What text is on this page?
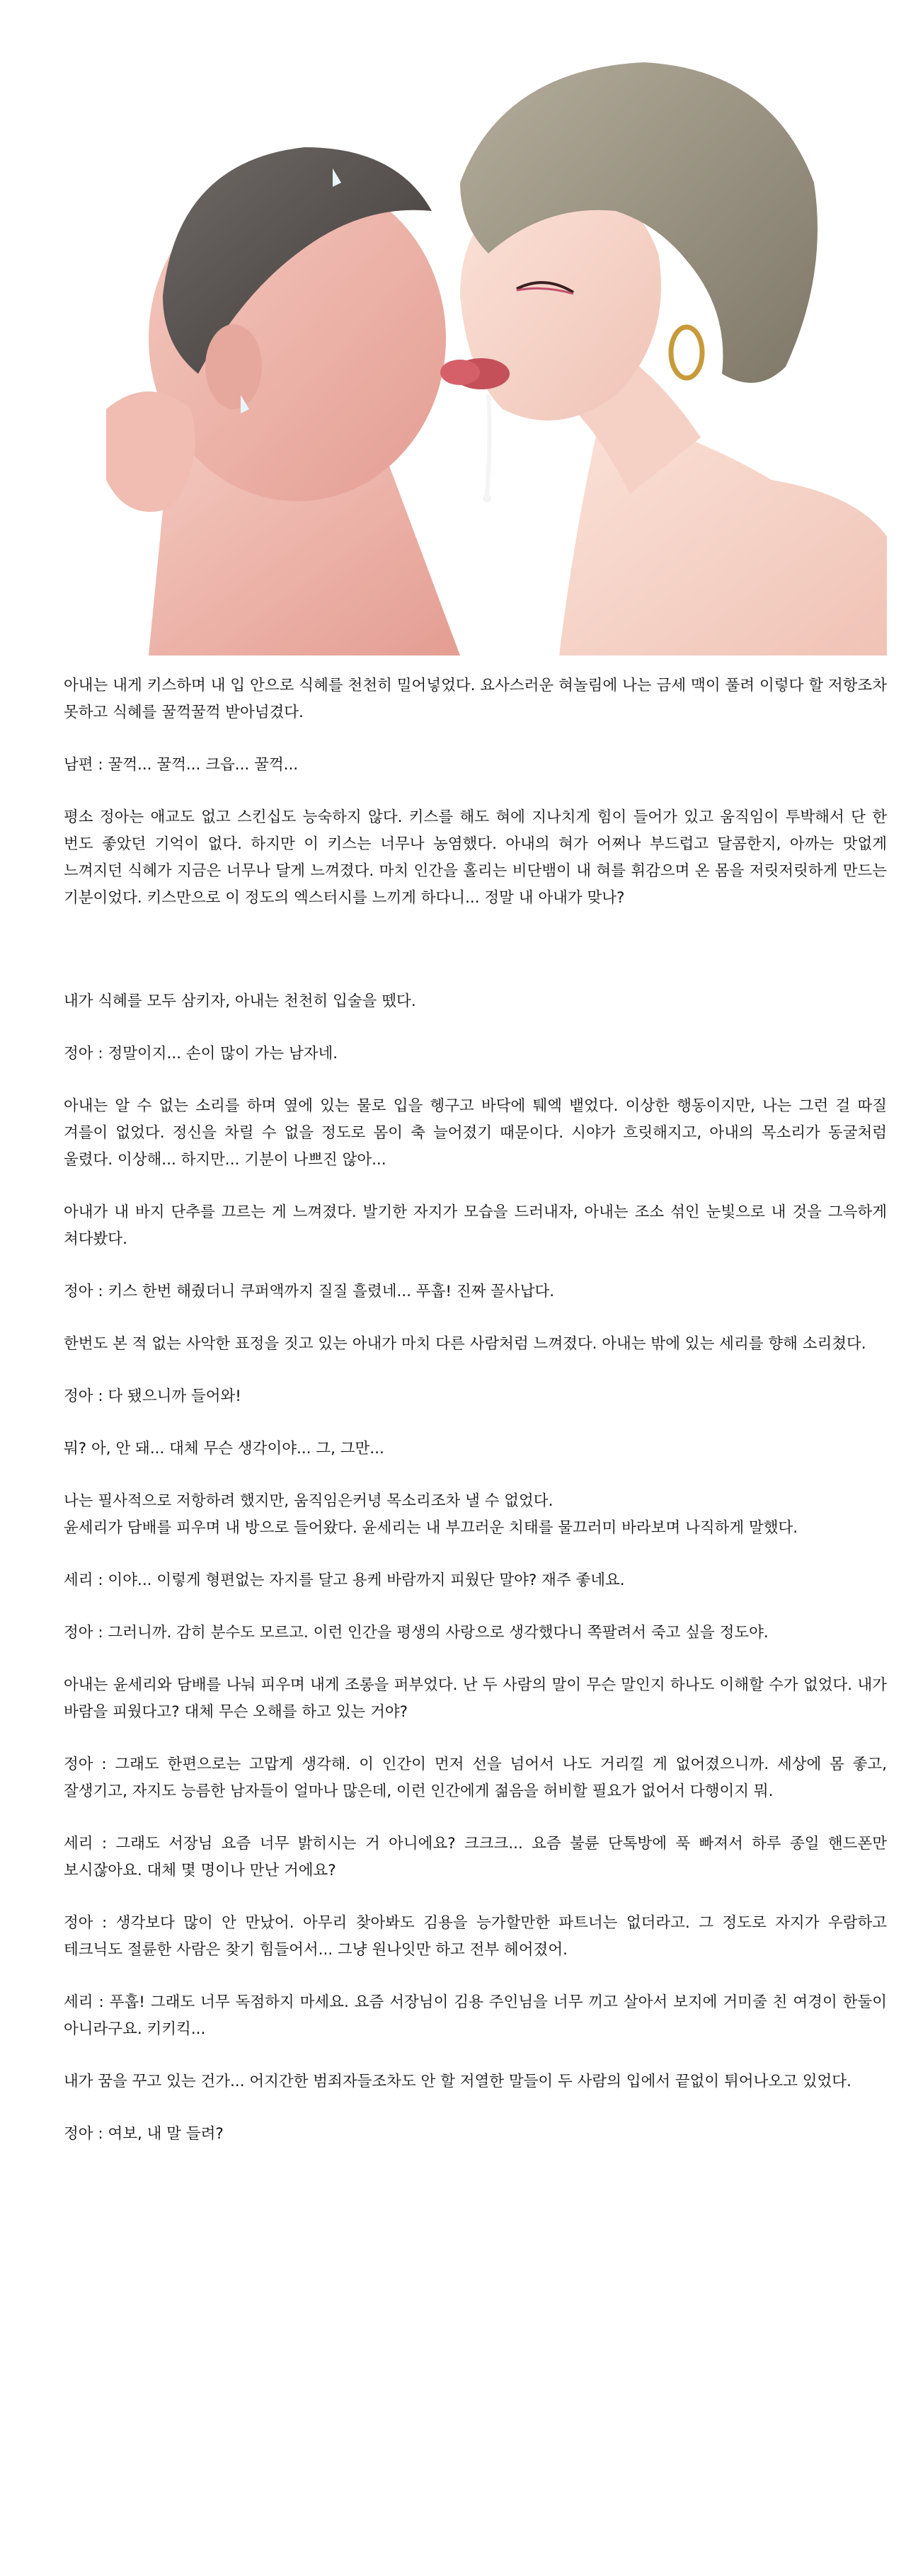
아내는 내게 키스하며 내 입 안으로 식혜를 천천히 밀어넣었다. 요사스러운 혀놀림에 나는 금세 맥이 풀려 이렇다 할 저항조차 못하고 식혜를 꿀꺽꿀꺽 받아넘겼다.

남편 : 꿀꺽... 꿀꺽... 크읍... 꿀꺽...

평소 정아는 애교도 없고 스킨십도 능숙하지 않다. 키스를 해도 혀에 지나치게 힘이 들어가 있고 움직임이 투박해서 단 한 번도 좋았던 기억이 없다. 하지만 이 키스는 너무나 농염했다. 아내의 혀가 어쩌나 부드럽고 달콤한지, 아까는 맛없게 느껴지던 식혜가 지금은 너무나 달게 느껴졌다. 마치 인간을 홀리는 비단뱀이 내 혀를 휘감으며 온 몸을 저릿저릿하게 만드는 기분이었다. 키스만으로 이 정도의 엑스터시를 느끼게 하다니... 정말 내 아내가 맞나?

내가 식혜를 모두 삼키자, 아내는 천천히 입술을 뗐다.

정아 : 정말이지... 손이 많이 가는 남자네.

아내는 알 수 없는 소리를 하며 옆에 있는 물로 입을 헹구고 바닥에 퉤엑 뱉었다. 이상한 행동이지만, 나는 그런 걸 따질 겨를이 없었다. 정신을 차릴 수 없을 정도로 몸이 축 늘어졌기 때문이다. 시야가 흐릿해지고, 아내의 목소리가 동굴처럼 울렸다. 이상해... 하지만... 기분이 나쁘진 않아...

아내가 내 바지 단추를 끄르는 게 느껴졌다. 발기한 자지가 모습을 드러내자, 아내는 조소 섞인 눈빛으로 내 것을 그윽하게 쳐다봤다.

정아 : 키스 한번 해줬더니 쿠퍼액까지 질질 흘렸네... 푸훕! 진짜 꼴사납다.

한번도 본 적 없는 사악한 표정을 짓고 있는 아내가 마치 다른 사람처럼 느껴졌다. 아내는 밖에 있는 세리를 향해 소리쳤다.

정아 : 다 됐으니까 들어와!

뭐? 아, 안 돼... 대체 무슨 생각이야... 그, 그만...

나는 필사적으로 저항하려 했지만, 움직임은커녕 목소리조차 낼 수 없었다.
윤세리가 담배를 피우며 내 방으로 들어왔다. 윤세리는 내 부끄러운 치태를 물끄러미 바라보며 나직하게 말했다.

세리 : 이야... 이렇게 형편없는 자지를 달고 용케 바람까지 피웠단 말야? 재주 좋네요.

정아 : 그러니까. 감히 분수도 모르고. 이런 인간을 평생의 사랑으로 생각했다니 쪽팔려서 죽고 싶을 정도야.

아내는 윤세리와 담배를 나눠 피우며 내게 조롱을 퍼부었다. 난 두 사람의 말이 무슨 말인지 하나도 이해할 수가 없었다. 내가 바람을 피웠다고? 대체 무슨 오해를 하고 있는 거야?

정아 : 그래도 한편으로는 고맙게 생각해. 이 인간이 먼저 선을 넘어서 나도 거리낄 게 없어졌으니까. 세상에 몸 좋고, 잘생기고, 자지도 능름한 남자들이 얼마나 많은데, 이런 인간에게 젊음을 허비할 필요가 없어서 다행이지 뭐.

세리 : 그래도 서장님 요즘 너무 밝히시는 거 아니에요? 크크크... 요즘 불륜 단톡방에 푹 빠져서 하루 종일 핸드폰만 보시잖아요. 대체 몇 명이나 만난 거에요?

정아 : 생각보다 많이 안 만났어. 아무리 찾아봐도 김용을 능가할만한 파트너는 없더라고. 그 정도로 자지가 우람하고 테크닉도 절륜한 사람은 찾기 힘들어서... 그냥 원나잇만 하고 전부 헤어졌어.

세리 : 푸훕! 그래도 너무 독점하지 마세요. 요즘 서장님이 김용 주인님을 너무 끼고 살아서 보지에 거미줄 친 여경이 한둘이 아니라구요. 키키킥...

내가 꿈을 꾸고 있는 건가... 어지간한 범죄자들조차도 안 할 저열한 말들이 두 사람의 입에서 끝없이 튀어나오고 있었다.

정아 : 여보, 내 말 들려?
